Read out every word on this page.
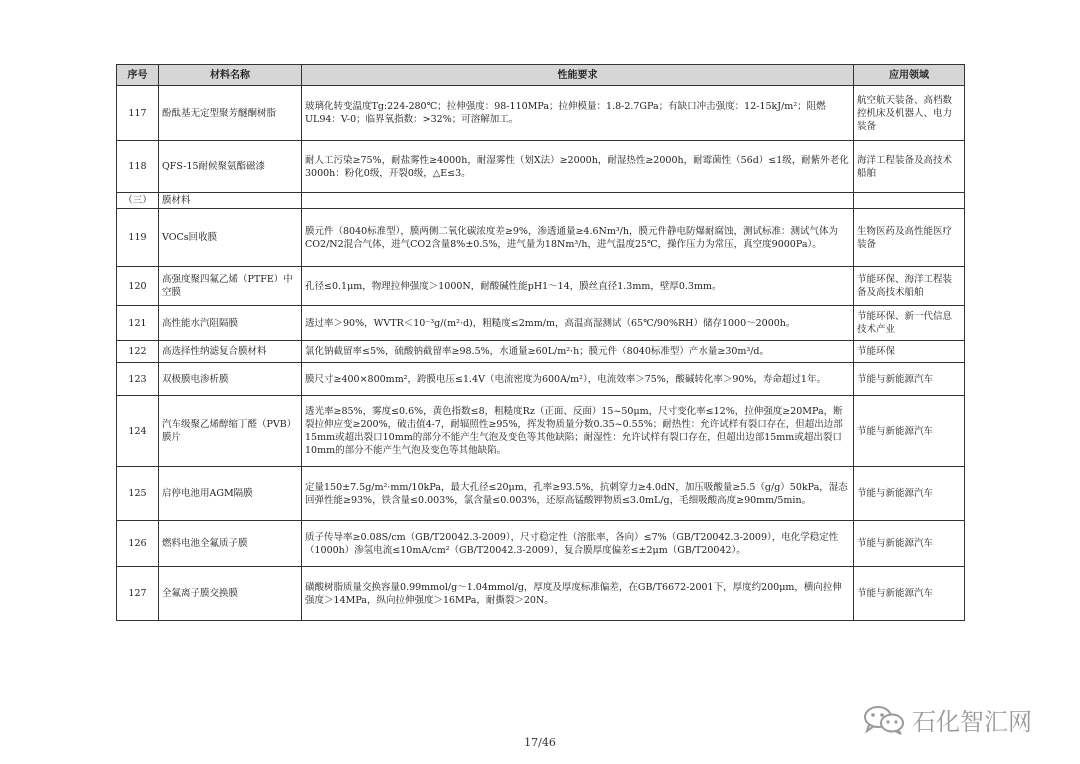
序号	材料名称	性能要求	应用领域
117	酚酞基无定型聚芳醚酮树脂	玻璃化转变温度Tg:224-280℃；拉伸强度：98-110MPa；拉伸模量：1.8-2.7GPa；有缺口冲击强度：12-15kJ/m²；阻燃UL94：V-0；临界氧指数：>32%；可溶解加工。	航空航天装备、高档数控机床及机器人、电力装备
118	QFS-15耐候聚氨酯磁漆	耐人工污染≥75%，耐盐雾性≥4000h，耐湿雾性（划X法）≥2000h，耐湿热性≥2000h，耐霉菌性（56d）≤1级，耐紫外老化3000h：粉化0级，开裂0级，△E≤3。	海洋工程装备及高技术船舶
（三）	膜材料		
119	VOCs回收膜	膜元件（8040标准型），膜两侧二氧化碳浓度差≥9%，渗透通量≥4.6Nm³/h，膜元件静电防爆耐腐蚀，测试标准：测试气体为CO2/N2混合气体，进气CO2含量8%±0.5%，进气量为18Nm³/h，进气温度25℃，操作压力为常压，真空度9000Pa）。	生物医药及高性能医疗装备
120	高强度聚四氟乙烯（PTFE）中空膜	孔径≤0.1μm，物理拉伸强度＞1000N，耐酸碱性能pH1～14，膜丝直径1.3mm，壁厚0.3mm。	节能环保、海洋工程装备及高技术船舶
121	高性能水汽阻隔膜	透过率＞90%，WVTR＜10⁻³g/(m²·d)，粗糙度≤2mm/m，高温高湿测试（65℃/90%RH）储存1000～2000h。	节能环保、新一代信息技术产业
122	高选择性纳滤复合膜材料	氯化钠截留率≤5%，硫酸钠截留率≥98.5%，水通量≥60L/m²·h；膜元件（8040标准型）产水量≥30m³/d。	节能环保
123	双极膜电渗析膜	膜尺寸≥400×800mm²，跨膜电压≤1.4V（电流密度为600A/m²），电流效率＞75%，酸碱转化率＞90%，寿命超过1年。	节能与新能源汽车
124	汽车级聚乙烯醇缩丁醛（PVB）膜片	透光率≥85%，雾度≤0.6%，黄色指数≤8，粗糙度Rz（正面、反面）15~50μm，尺寸变化率≤12%，拉伸强度≥20MPa，断裂拉伸应变≥200%，破击值4-7，耐辐照性≥95%，挥发物质量分数0.35~0.55%；耐热性：允许试样有裂口存在，但超出边部15mm或超出裂口10mm的部分不能产生气泡及变色等其他缺陷；耐湿性：允许试样有裂口存在，但超出边部15mm或超出裂口10mm的部分不能产生气泡及变色等其他缺陷。	节能与新能源汽车
125	启停电池用AGM隔膜	定量150±7.5g/m²·mm/10kPa，最大孔径≤20μm，孔率≥93.5%，抗刺穿力≥4.0dN，加压吸酸量≥5.5（g/g）50kPa，湿态回弹性能≥93%，铁含量≤0.003%，氯含量≤0.003%，还原高锰酸钾物质≤3.0mL/g，毛细吸酸高度≥90mm/5min。	节能与新能源汽车
126	燃料电池全氟质子膜	质子传导率≥0.08S/cm（GB/T20042.3-2009），尺寸稳定性（溶胀率，各向）≤7%（GB/T20042.3-2009），电化学稳定性（1000h）渗氢电流≤10mA/cm²（GB/T20042.3-2009），复合膜厚度偏差≤±2μm（GB/T20042）。	节能与新能源汽车
127	全氟离子膜交换膜	磺酸树脂质量交换容量0.99mmol/g～1.04mmol/g，厚度及厚度标准偏差，在GB/T6672-2001下，厚度约200μm，横向拉伸强度＞14MPa，纵向拉伸强度＞16MPa，耐撕裂＞20N。	节能与新能源汽车
石化智汇网
17/46
